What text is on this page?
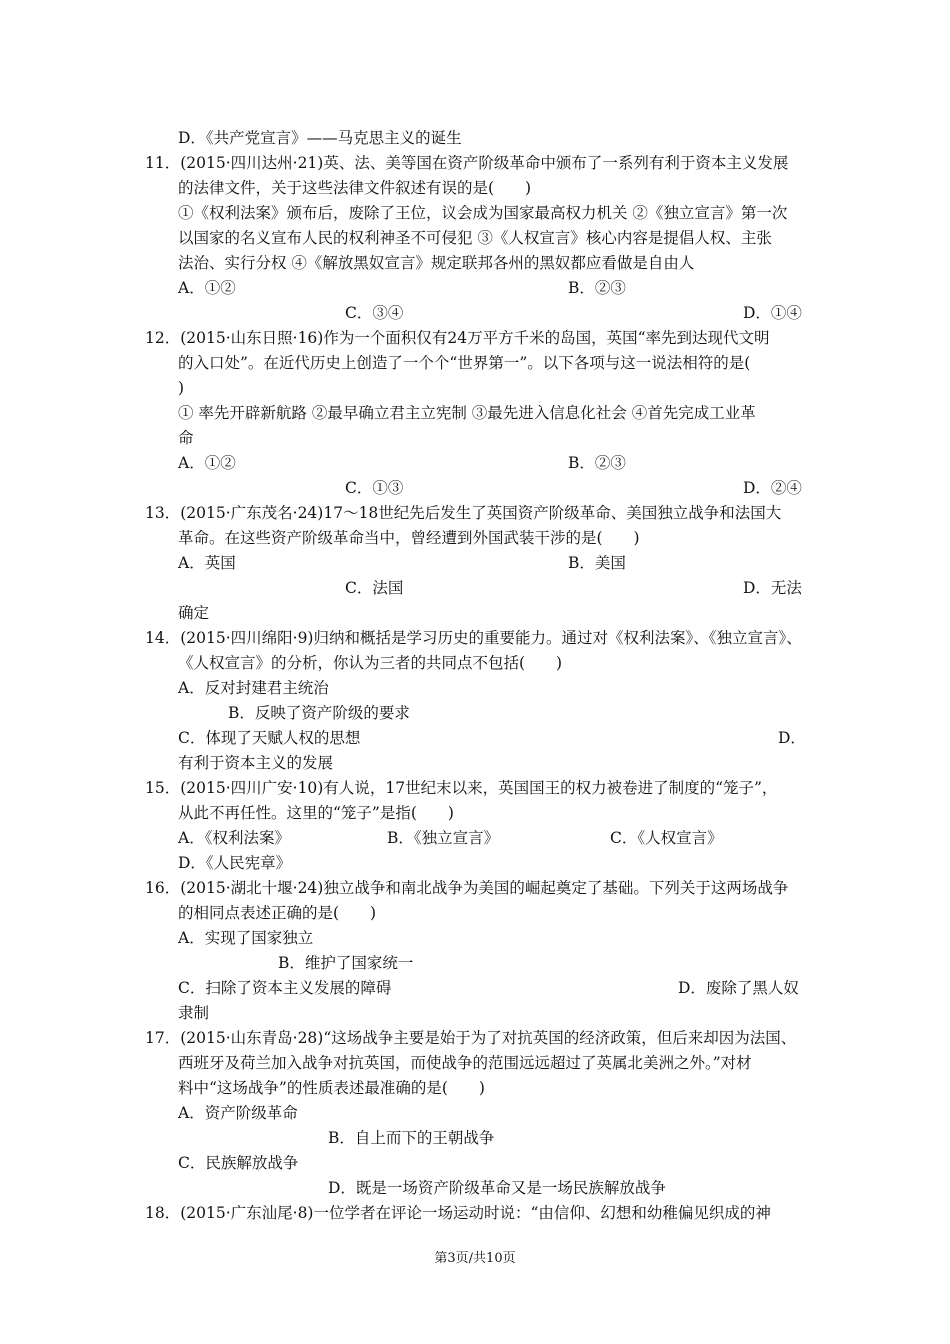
D．《共产党宣言》——马克思主义的诞生
11．(2015·四川达州·21)英、法、美等国在资产阶级革命中颁布了一系列有利于资本主义发展
的法律文件，关于这些法律文件叙述有误的是(　　)
①《权利法案》颁布后，废除了王位，议会成为国家最高权力机关 ②《独立宣言》第一次
以国家的名义宣布人民的权利神圣不可侵犯 ③《人权宣言》核心内容是提倡人权、主张
法治、实行分权 ④《解放黑奴宣言》规定联邦各州的黑奴都应看做是自由人
A．①②	B．②③
C．③④	D．①④
12．(2015·山东日照·16)作为一个面积仅有24万平方千米的岛国，英国“率先到达现代文明
的入口处”。在近代历史上创造了一个个“世界第一”。以下各项与这一说法相符的是(
)
① 率先开辟新航路 ②最早确立君主立宪制 ③最先进入信息化社会 ④首先完成工业革
命
A．①②	B．②③
C．①③	D．②④
13．(2015·广东茂名·24)17～18世纪先后发生了英国资产阶级革命、美国独立战争和法国大
革命。在这些资产阶级革命当中，曾经遭到外国武装干涉的是(　　)
A．英国	B．美国
C．法国	D．无法
确定
14．(2015·四川绵阳·9)归纳和概括是学习历史的重要能力。通过对《权利法案》、《独立宣言》、
《人权宣言》的分析，你认为三者的共同点不包括(　　)
A．反对封建君主统治
B．反映了资产阶级的要求
C．体现了天赋人权的思想	D．
有利于资本主义的发展
15．(2015·四川广安·10)有人说，17世纪末以来，英国国王的权力被卷进了制度的“笼子”，
从此不再任性。这里的“笼子”是指(　　)
A．《权利法案》	B．《独立宣言》	C．《人权宣言》
D．《人民宪章》
16．(2015·湖北十堰·24)独立战争和南北战争为美国的崛起奠定了基础。下列关于这两场战争
的相同点表述正确的是(　　)
A．实现了国家独立
B．维护了国家统一
C．扫除了资本主义发展的障碍	D．废除了黑人奴
隶制
17．(2015·山东青岛·28)“这场战争主要是始于为了对抗英国的经济政策，但后来却因为法国、
西班牙及荷兰加入战争对抗英国，而使战争的范围远远超过了英属北美洲之外。”对材
料中“这场战争”的性质表述最准确的是(　　)
A．资产阶级革命
B．自上而下的王朝战争
C．民族解放战争
D．既是一场资产阶级革命又是一场民族解放战争
18．(2015·广东汕尾·8)一位学者在评论一场运动时说：“由信仰、幻想和幼稚偏见织成的神
第3页/共10页
